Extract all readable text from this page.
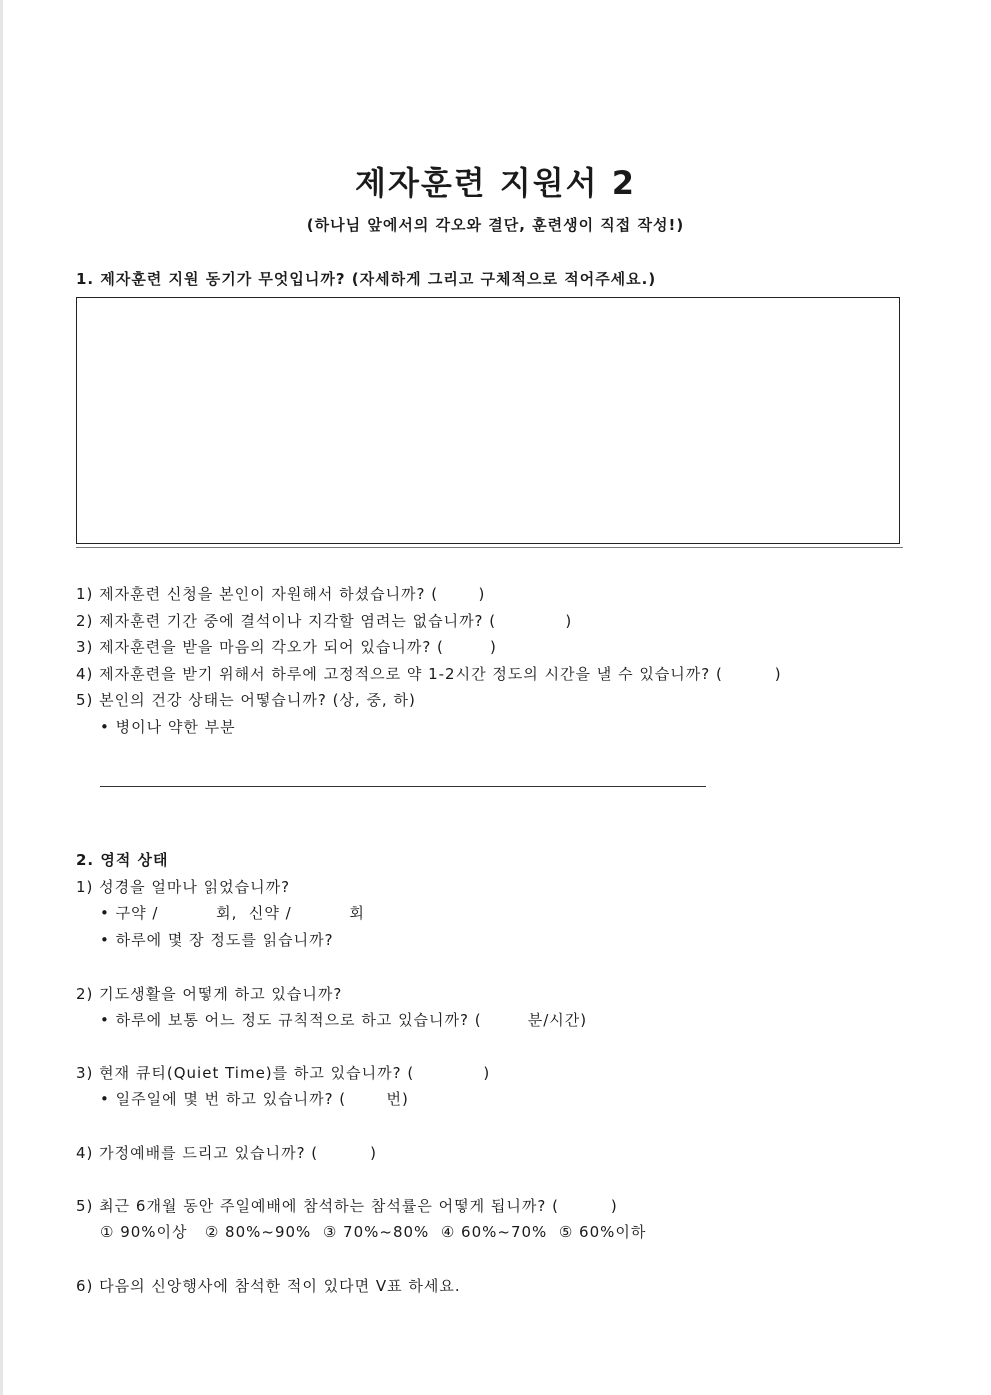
제자훈련 지원서 2
(하나님 앞에서의 각오와 결단, 훈련생이 직접 작성!)
1. 제자훈련 지원 동기가 무엇입니까? (자세하게 그리고 구체적으로 적어주세요.)
1) 제자훈련 신청을 본인이 자원해서 하셨습니까? (       )
2) 제자훈련 기간 중에 결석이나 지각할 염려는 없습니까? (            )
3) 제자훈련을 받을 마음의 각오가 되어 있습니까? (        )
4) 제자훈련을 받기 위해서 하루에 고정적으로 약 1-2시간 정도의 시간을 낼 수 있습니까? (         )
5) 본인의 건강 상태는 어떻습니까? (상, 중, 하)
• 병이나 약한 부분
2. 영적 상태
1) 성경을 얼마나 읽었습니까?
• 구약 /          회,  신약 /          회
• 하루에 몇 장 정도를 읽습니까?
2) 기도생활을 어떻게 하고 있습니까?
• 하루에 보통 어느 정도 규칙적으로 하고 있습니까? (        분/시간)
3) 현재 큐티(Quiet Time)를 하고 있습니까? (            )
• 일주일에 몇 번 하고 있습니까? (       번)
4) 가정예배를 드리고 있습니까? (         )
5) 최근 6개월 동안 주일예배에 참석하는 참석률은 어떻게 됩니까? (         )
① 90%이상   ② 80%~90%  ③ 70%~80%  ④ 60%~70%  ⑤ 60%이하
6) 다음의 신앙행사에 참석한 적이 있다면 V표 하세요.
